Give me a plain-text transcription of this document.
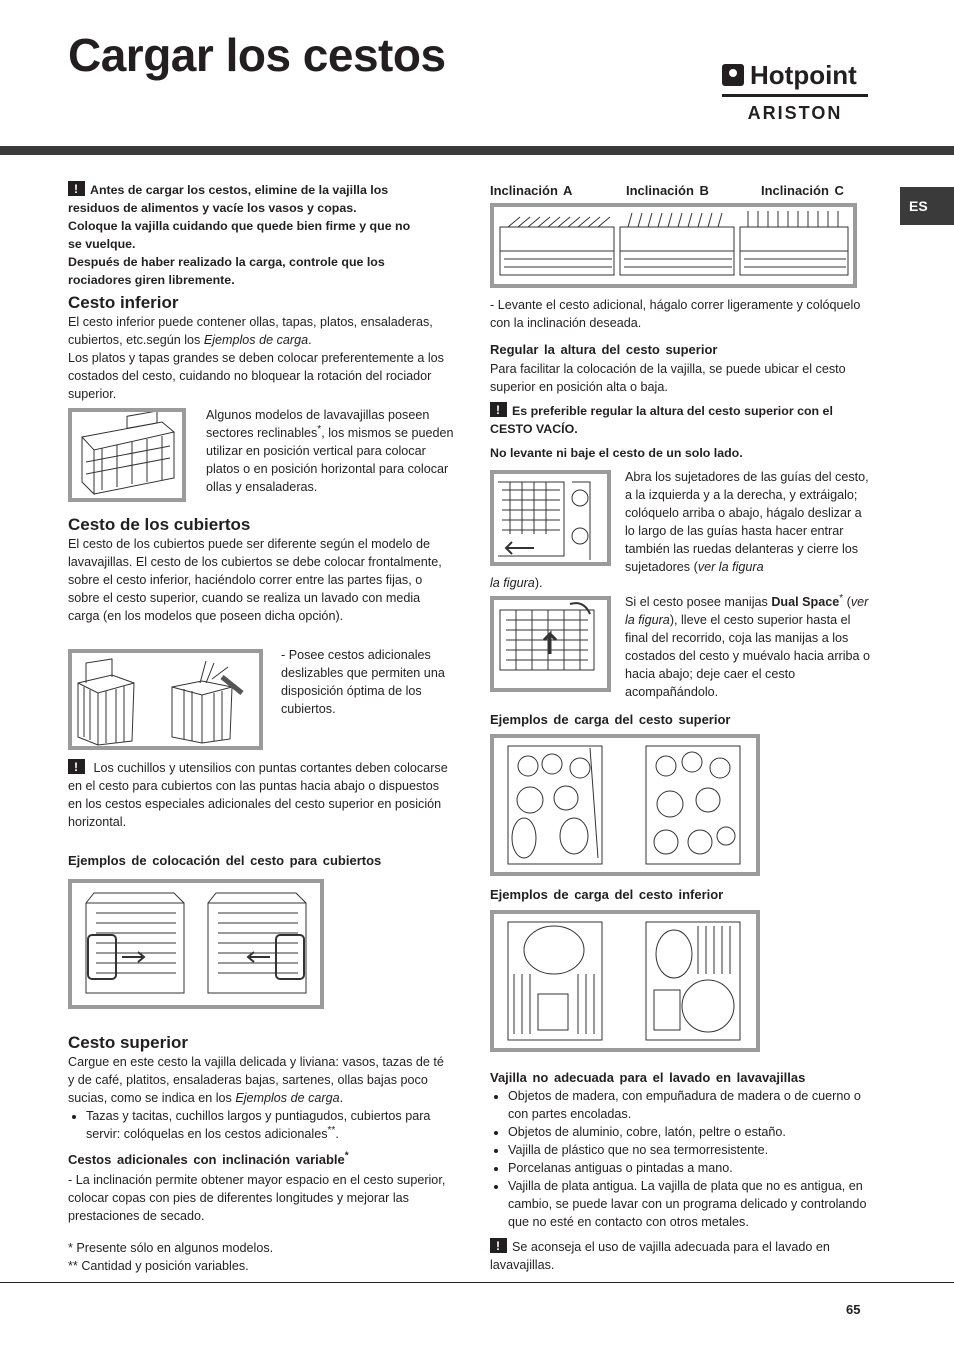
Cargar los cestos	Hotpoint
ARISTON
ES
!Antes de cargar los cestos, elimine de la vajilla los
residuos de alimentos y vacíe los vasos y copas.
Coloque la vajilla cuidando que quede bien firme y que no
se vuelque.
Después de haber realizado la carga, controle que los
rociadores giren libremente.
Cesto inferior
El cesto inferior puede contener ollas, tapas, platos, ensaladeras, cubiertos, etc.según los Ejemplos de carga.
Los platos y tapas grandes se deben colocar preferentemente a los costados del cesto, cuidando no bloquear la rotación del rociador superior.
Algunos modelos de lavavajillas poseen sectores reclinables*, los mismos se pueden utilizar en posición vertical para colocar platos o en posición horizontal para colocar ollas y ensaladeras.
Cesto de los cubiertos
El cesto de los cubiertos puede ser diferente según el modelo de lavavajillas. El cesto de los cubiertos se debe colocar frontalmente, sobre el cesto inferior, haciéndolo correr entre las partes fijas, o sobre el cesto superior, cuando se realiza un lavado con media carga (en los modelos que poseen dicha opción).
- Posee cestos adicionales deslizables que permiten una disposición óptima de los cubiertos.
! Los cuchillos y utensilios con puntas cortantes deben colocarse en el cesto para cubiertos con las puntas hacia abajo o dispuestos en los cestos especiales adicionales del cesto superior en posición horizontal.
Ejemplos de colocación del cesto para cubiertos
Cesto superior
Cargue en este cesto la vajilla delicada y liviana: vasos, tazas de té y de café, platitos, ensaladeras bajas, sartenes, ollas bajas poco sucias, como se indica en los Ejemplos de carga.
• Tazas y tacitas, cuchillos largos y puntiagudos, cubiertos para servir: colóquelas en los cestos adicionales**.
Cestos adicionales con inclinación variable*
- La inclinación permite obtener mayor espacio en el cesto superior, colocar copas con pies de diferentes longitudes y mejorar las prestaciones de secado.
* Presente sólo en algunos modelos.
** Cantidad y posición variables.
Inclinación A	Inclinación B	Inclinación C
- Levante el cesto adicional, hágalo correr ligeramente y colóquelo con la inclinación deseada.
Regular la altura del cesto superior
Para facilitar la colocación de la vajilla, se puede ubicar el cesto superior en posición alta o baja.
!Es preferible regular la altura del cesto superior con el CESTO VACÍO.
No levante ni baje el cesto de un solo lado.
Abra los sujetadores de las guías del cesto, a la izquierda y a la derecha, y extráigalo; colóquelo arriba o abajo, hágalo deslizar a lo largo de las guías hasta hacer entrar también las ruedas delanteras y cierre los sujetadores (ver la figura
la figura).
Si el cesto posee manijas Dual Space* (ver la figura), lleve el cesto superior hasta el final del recorrido, coja las manijas a los costados del cesto y muévalo hacia arriba o hacia abajo; deje caer el cesto acompañándolo.
Ejemplos de carga del cesto superior
Ejemplos de carga del cesto inferior
Vajilla no adecuada para el lavado en lavavajillas
• Objetos de madera, con empuñadura de madera o de cuerno o con partes encoladas.
• Objetos de aluminio, cobre, latón, peltre o estaño.
• Vajilla de plástico que no sea termorresistente.
• Porcelanas antiguas o pintadas a mano.
• Vajilla de plata antigua. La vajilla de plata que no es antigua, en cambio, se puede lavar con un programa delicado y controlando que no esté en contacto con otros metales.
!Se aconseja el uso de vajilla adecuada para el lavado en lavavajillas.
65
